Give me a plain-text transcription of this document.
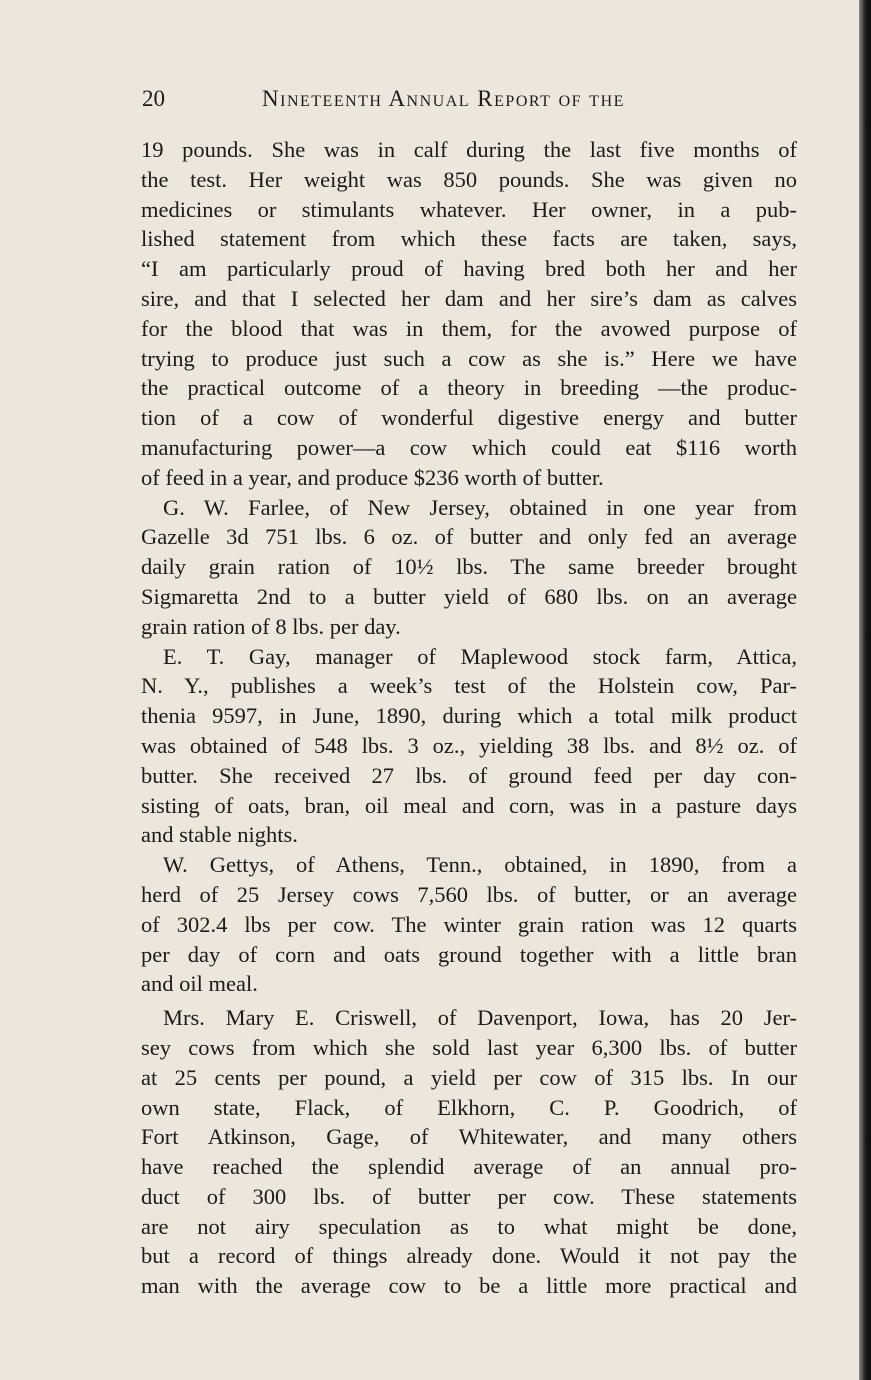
20	Nineteenth Annual Report of the
19 pounds. She was in calf during the last five months of
the test. Her weight was 850 pounds. She was given no
medicines or stimulants whatever. Her owner, in a pub-
lished statement from which these facts are taken, says,
“I am particularly proud of having bred both her and her
sire, and that I selected her dam and her sire’s dam as calves
for the blood that was in them, for the avowed purpose of
trying to produce just such a cow as she is.” Here we have
the practical outcome of a theory in breeding —the produc-
tion of a cow of wonderful digestive energy and butter
manufacturing power—a cow which could eat $116 worth
of feed in a year, and produce $236 worth of butter.
G. W. Farlee, of New Jersey, obtained in one year from
Gazelle 3d 751 lbs. 6 oz. of butter and only fed an average
daily grain ration of 10½ lbs. The same breeder brought
Sigmaretta 2nd to a butter yield of 680 lbs. on an average
grain ration of 8 lbs. per day.
E. T. Gay, manager of Maplewood stock farm, Attica,
N. Y., publishes a week’s test of the Holstein cow, Par-
thenia 9597, in June, 1890, during which a total milk product
was obtained of 548 lbs. 3 oz., yielding 38 lbs. and 8½ oz. of
butter. She received 27 lbs. of ground feed per day con-
sisting of oats, bran, oil meal and corn, was in a pasture days
and stable nights.
W. Gettys, of Athens, Tenn., obtained, in 1890, from a
herd of 25 Jersey cows 7,560 lbs. of butter, or an average
of 302.4 lbs per cow. The winter grain ration was 12 quarts
per day of corn and oats ground together with a little bran
and oil meal.
Mrs. Mary E. Criswell, of Davenport, Iowa, has 20 Jer-
sey cows from which she sold last year 6,300 lbs. of butter
at 25 cents per pound, a yield per cow of 315 lbs. In our
own state, Flack, of Elkhorn, C. P. Goodrich, of
Fort Atkinson, Gage, of Whitewater, and many others
have reached the splendid average of an annual pro-
duct of 300 lbs. of butter per cow. These statements
are not airy speculation as to what might be done,
but a record of things already done. Would it not pay the
man with the average cow to be a little more practical and
